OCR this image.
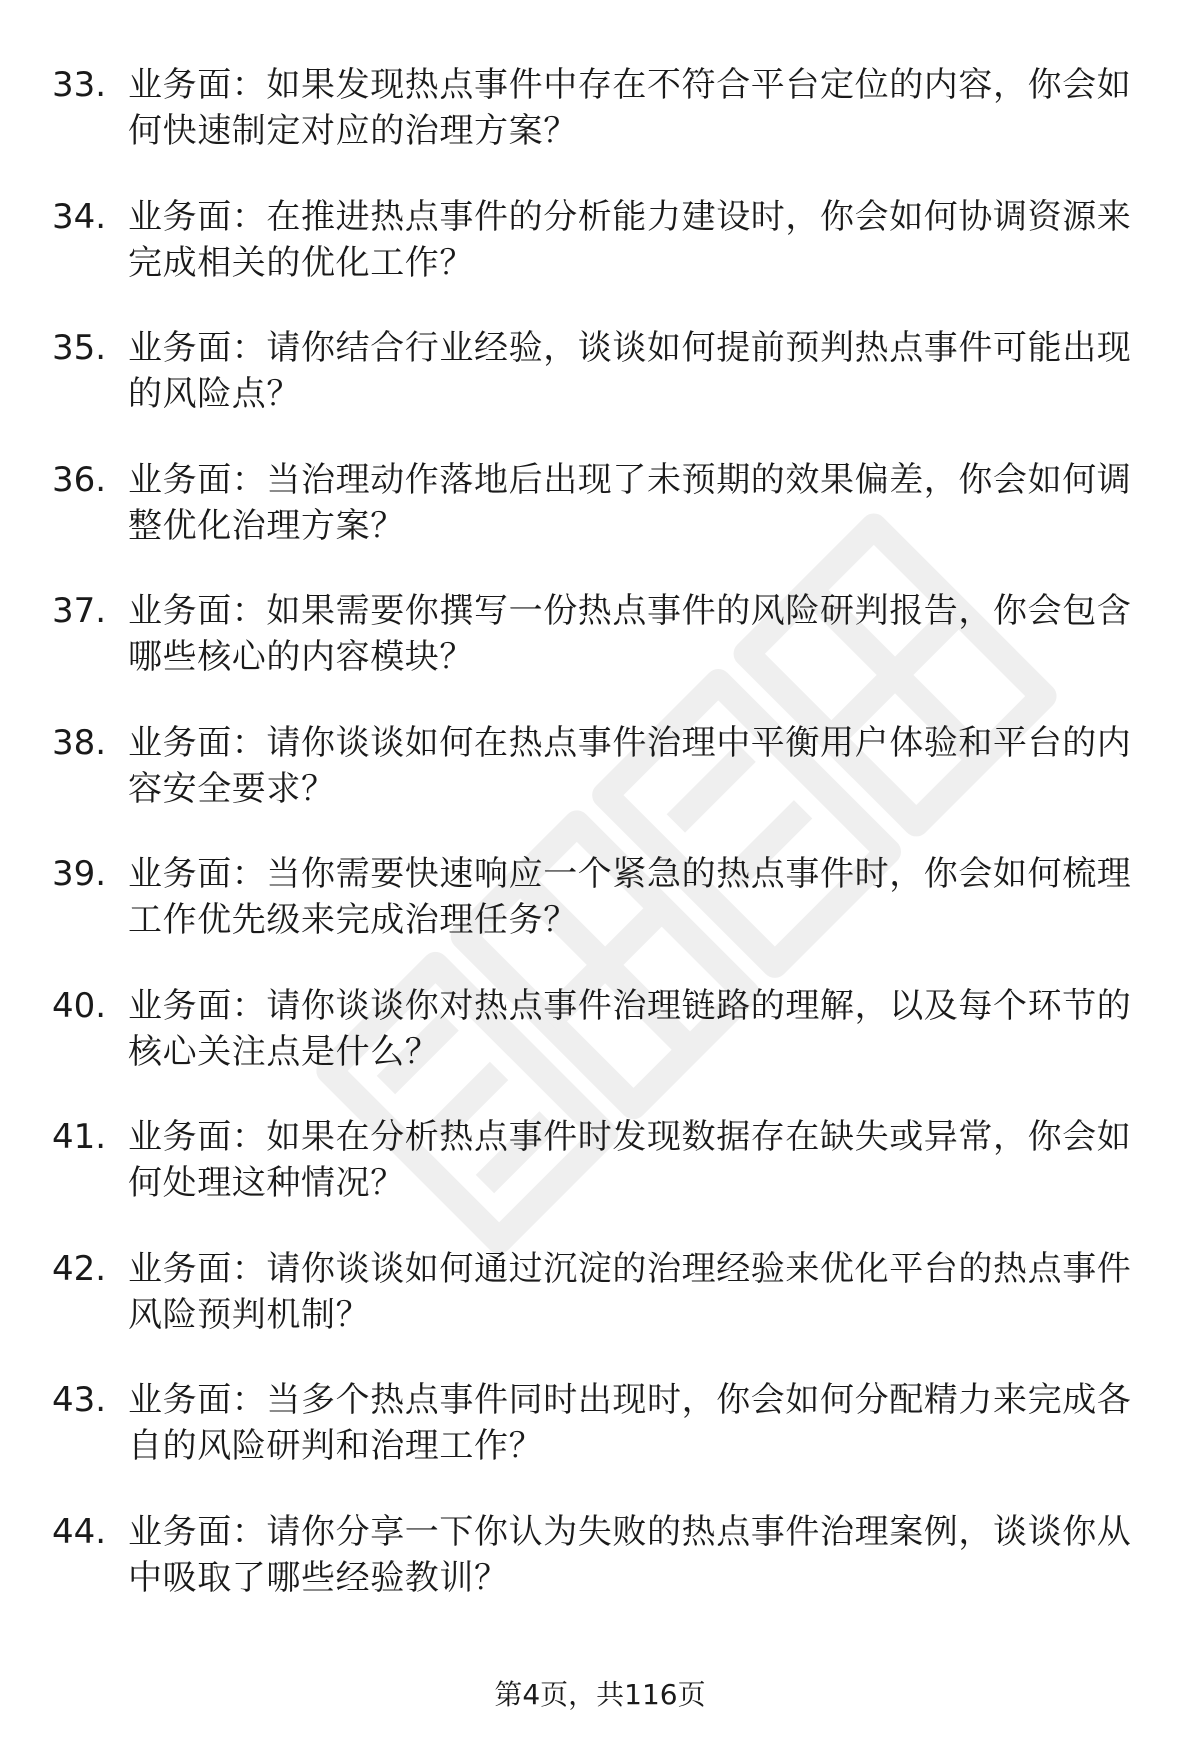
33. 业务面：如果发现热点事件中存在不符合平台定位的内容，你会如何快速制定对应的治理方案？
34. 业务面：在推进热点事件的分析能力建设时，你会如何协调资源来完成相关的优化工作？
35. 业务面：请你结合行业经验，谈谈如何提前预判热点事件可能出现的风险点？
36. 业务面：当治理动作落地后出现了未预期的效果偏差，你会如何调整优化治理方案？
37. 业务面：如果需要你撰写一份热点事件的风险研判报告，你会包含哪些核心的内容模块？
38. 业务面：请你谈谈如何在热点事件治理中平衡用户体验和平台的内容安全要求？
39. 业务面：当你需要快速响应一个紧急的热点事件时，你会如何梳理工作优先级来完成治理任务？
40. 业务面：请你谈谈你对热点事件治理链路的理解，以及每个环节的核心关注点是什么？
41. 业务面：如果在分析热点事件时发现数据存在缺失或异常，你会如何处理这种情况？
42. 业务面：请你谈谈如何通过沉淀的治理经验来优化平台的热点事件风险预判机制？
43. 业务面：当多个热点事件同时出现时，你会如何分配精力来完成各自的风险研判和治理工作？
44. 业务面：请你分享一下你认为失败的热点事件治理案例，谈谈你从中吸取了哪些经验教训？
第4页，共116页
